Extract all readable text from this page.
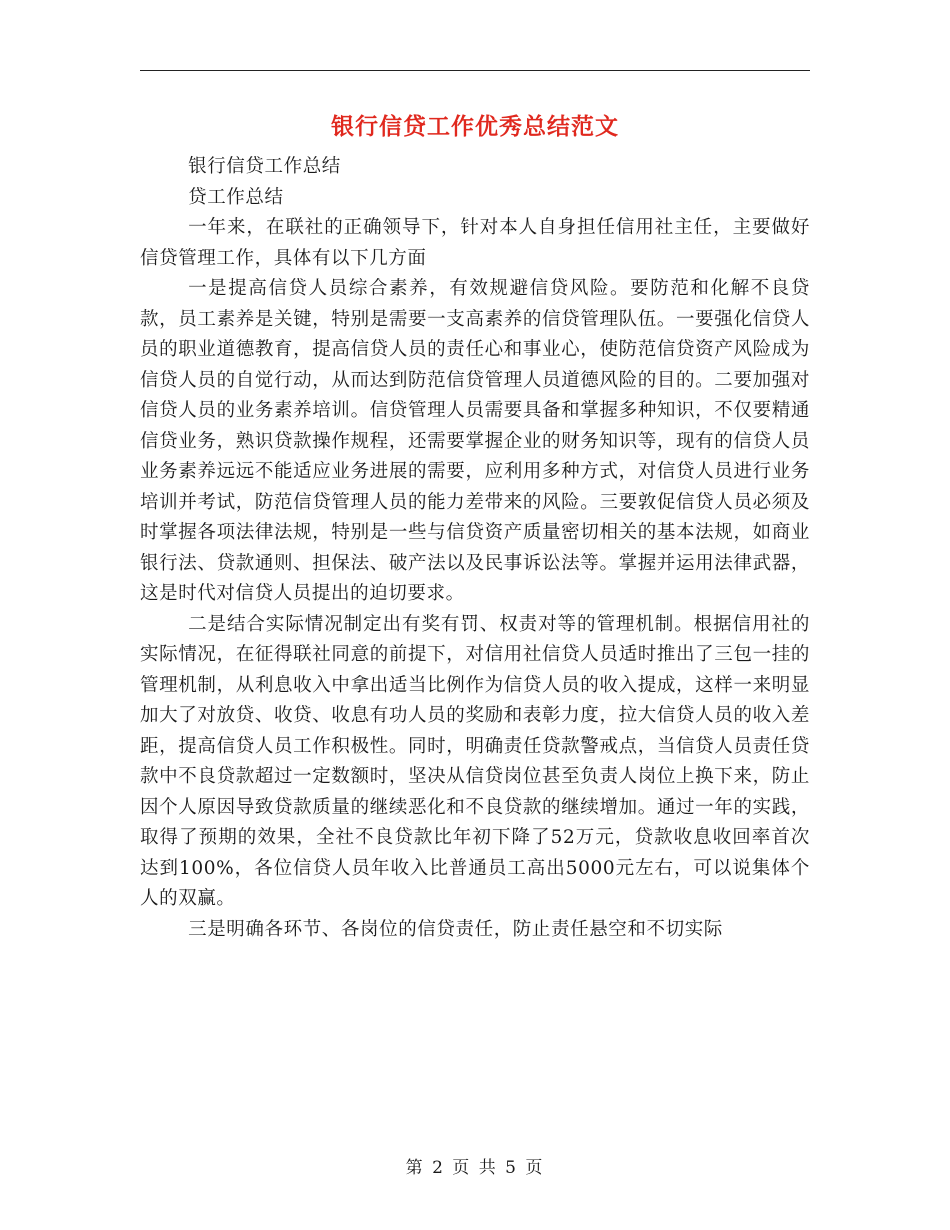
银行信贷工作优秀总结范文

银行信贷工作总结

贷工作总结

一年来，在联社的正确领导下，针对本人自身担任信用社主任，主要做好信贷管理工作，具体有以下几方面

一是提高信贷人员综合素养，有效规避信贷风险。要防范和化解不良贷款，员工素养是关键，特别是需要一支高素养的信贷管理队伍。一要强化信贷人员的职业道德教育，提高信贷人员的责任心和事业心，使防范信贷资产风险成为信贷人员的自觉行动，从而达到防范信贷管理人员道德风险的目的。二要加强对信贷人员的业务素养培训。信贷管理人员需要具备和掌握多种知识，不仅要精通信贷业务，熟识贷款操作规程，还需要掌握企业的财务知识等，现有的信贷人员业务素养远远不能适应业务进展的需要，应利用多种方式，对信贷人员进行业务培训并考试，防范信贷管理人员的能力差带来的风险。三要敦促信贷人员必须及时掌握各项法律法规，特别是一些与信贷资产质量密切相关的基本法规，如商业银行法、贷款通则、担保法、破产法以及民事诉讼法等。掌握并运用法律武器，这是时代对信贷人员提出的迫切要求。

二是结合实际情况制定出有奖有罚、权责对等的管理机制。根据信用社的实际情况，在征得联社同意的前提下，对信用社信贷人员适时推出了三包一挂的管理机制，从利息收入中拿出适当比例作为信贷人员的收入提成，这样一来明显加大了对放贷、收贷、收息有功人员的奖励和表彰力度，拉大信贷人员的收入差距，提高信贷人员工作积极性。同时，明确责任贷款警戒点，当信贷人员责任贷款中不良贷款超过一定数额时，坚决从信贷岗位甚至负责人岗位上换下来，防止因个人原因导致贷款质量的继续恶化和不良贷款的继续增加。通过一年的实践，取得了预期的效果，全社不良贷款比年初下降了52万元，贷款收息收回率首次达到100%，各位信贷人员年收入比普通员工高出5000元左右，可以说集体个人的双赢。

三是明确各环节、各岗位的信贷责任，防止责任悬空和不切实际

第 2 页 共 5 页
